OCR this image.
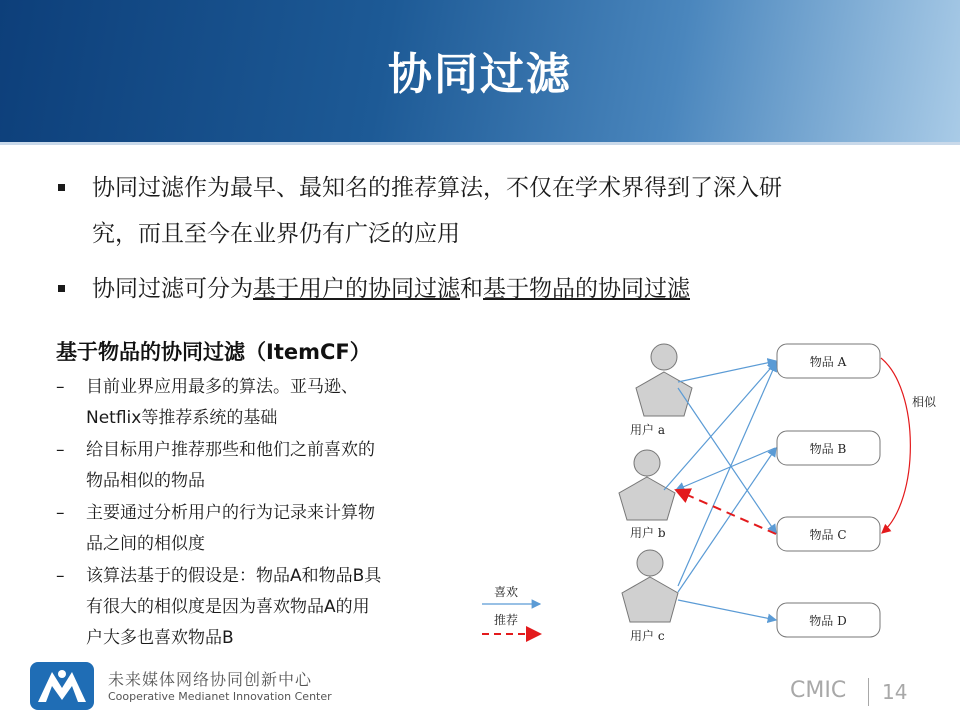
协同过滤
协同过滤作为最早、最知名的推荐算法，不仅在学术界得到了深入研
究，而且至今在业界仍有广泛的应用
协同过滤可分为基于用户的协同过滤和基于物品的协同过滤
基于物品的协同过滤（ItemCF）
– 目前业界应用最多的算法。亚马逊、
Netflix等推荐系统的基础
– 给目标用户推荐那些和他们之前喜欢的
物品相似的物品
– 主要通过分析用户的行为记录来计算物
品之间的相似度
– 该算法基于的假设是：物品A和物品B具
有很大的相似度是因为喜欢物品A的用
户大多也喜欢物品B
用户 a
用户 b
用户 c
物品 A
物品 B
物品 C
物品 D
相似
喜欢
推荐
未来媒体网络协同创新中心
Cooperative Medianet Innovation Center	CMIC 14
